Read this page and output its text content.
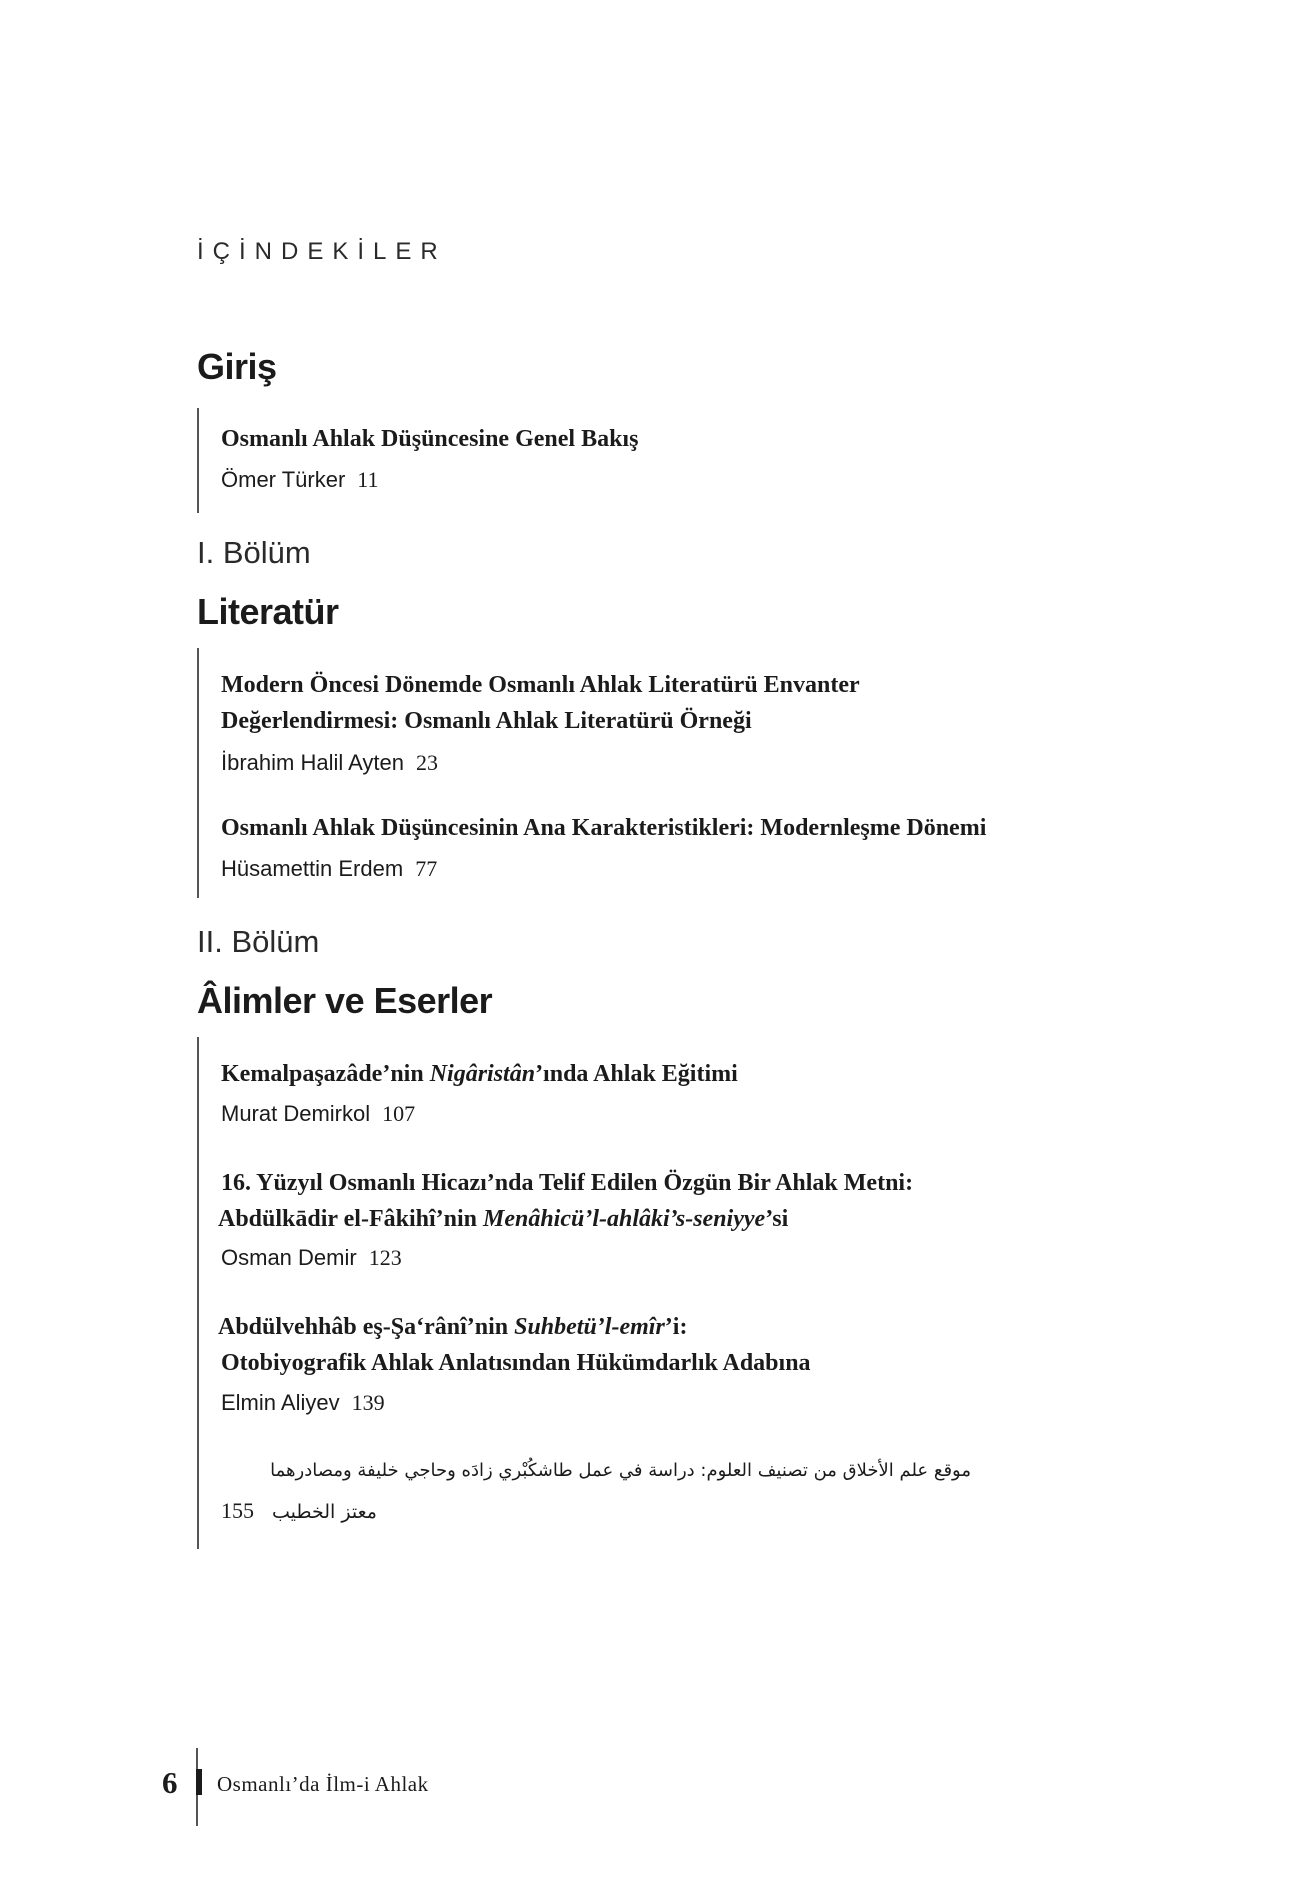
İÇİNDEKİLER
Giriş
Osmanlı Ahlak Düşüncesine Genel Bakış
Ömer Türker 11
I. Bölüm
Literatür
Modern Öncesi Dönemde Osmanlı Ahlak Literatürü Envanter
Değerlendirmesi: Osmanlı Ahlak Literatürü Örneği
İbrahim Halil Ayten 23
Osmanlı Ahlak Düşüncesinin Ana Karakteristikleri: Modernleşme Dönemi
Hüsamettin Erdem 77
II. Bölüm
Âlimler ve Eserler
Kemalpaşazâde’nin Nigâristân’ında Ahlak Eğitimi
Murat Demirkol 107
16. Yüzyıl Osmanlı Hicazı’nda Telif Edilen Özgün Bir Ahlak Metni:
Abdülkādir el-Fâkihî’nin Menâhicü’l-ahlâki’s-seniyye’si
Osman Demir 123
Abdülvehhâb eş-Şa‘rânî’nin Suhbetü’l-emîr’i:
Otobiyografik Ahlak Anlatısından Hükümdarlık Adabına
Elmin Aliyev 139
موقع علم الأخلاق من تصنيف العلوم: دراسة في عمل طاشكُبْري زادَه وحاجي خليفة ومصادرهما
155 معتز الخطيب
6 Osmanlı’da İlm-i Ahlak
